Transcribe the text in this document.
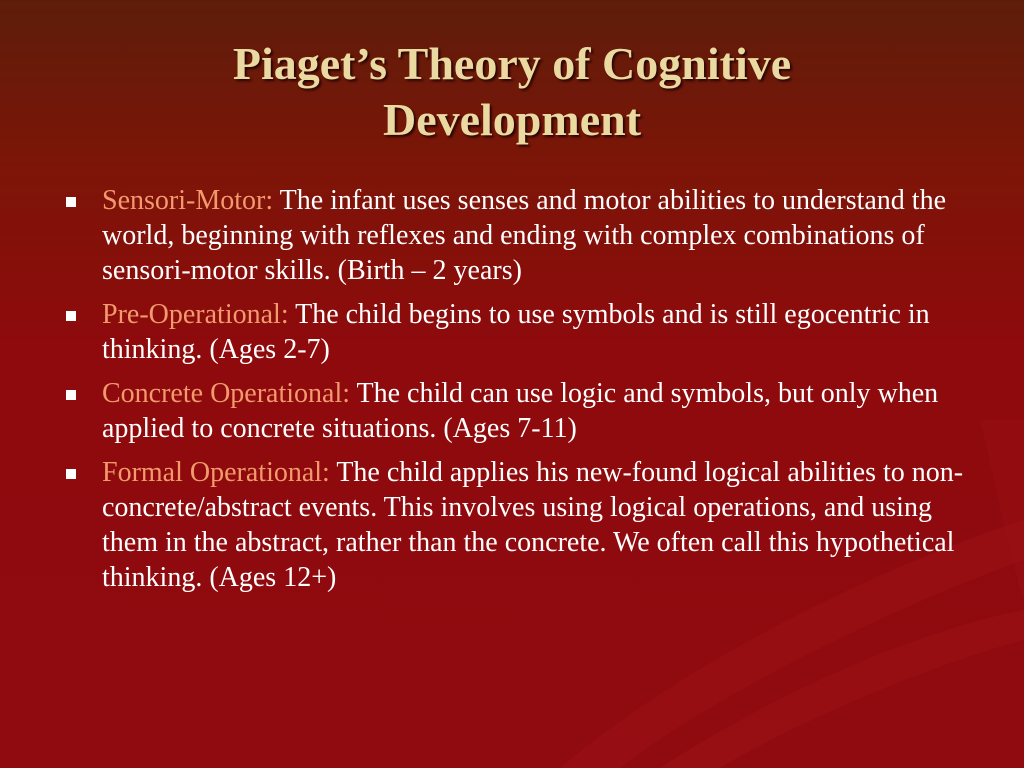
Piaget’s Theory of Cognitive
Development
Sensori-Motor: The infant uses senses and motor abilities to understand the world, beginning with reflexes and ending with complex combinations of sensori-motor skills. (Birth – 2 years)
Pre-Operational: The child begins to use symbols and is still egocentric in thinking. (Ages 2-7)
Concrete Operational: The child can use logic and symbols, but only when applied to concrete situations. (Ages 7-11)
Formal Operational: The child applies his new-found logical abilities to non-concrete/abstract events. This involves using logical operations, and using them in the abstract, rather than the concrete. We often call this hypothetical thinking. (Ages 12+)
